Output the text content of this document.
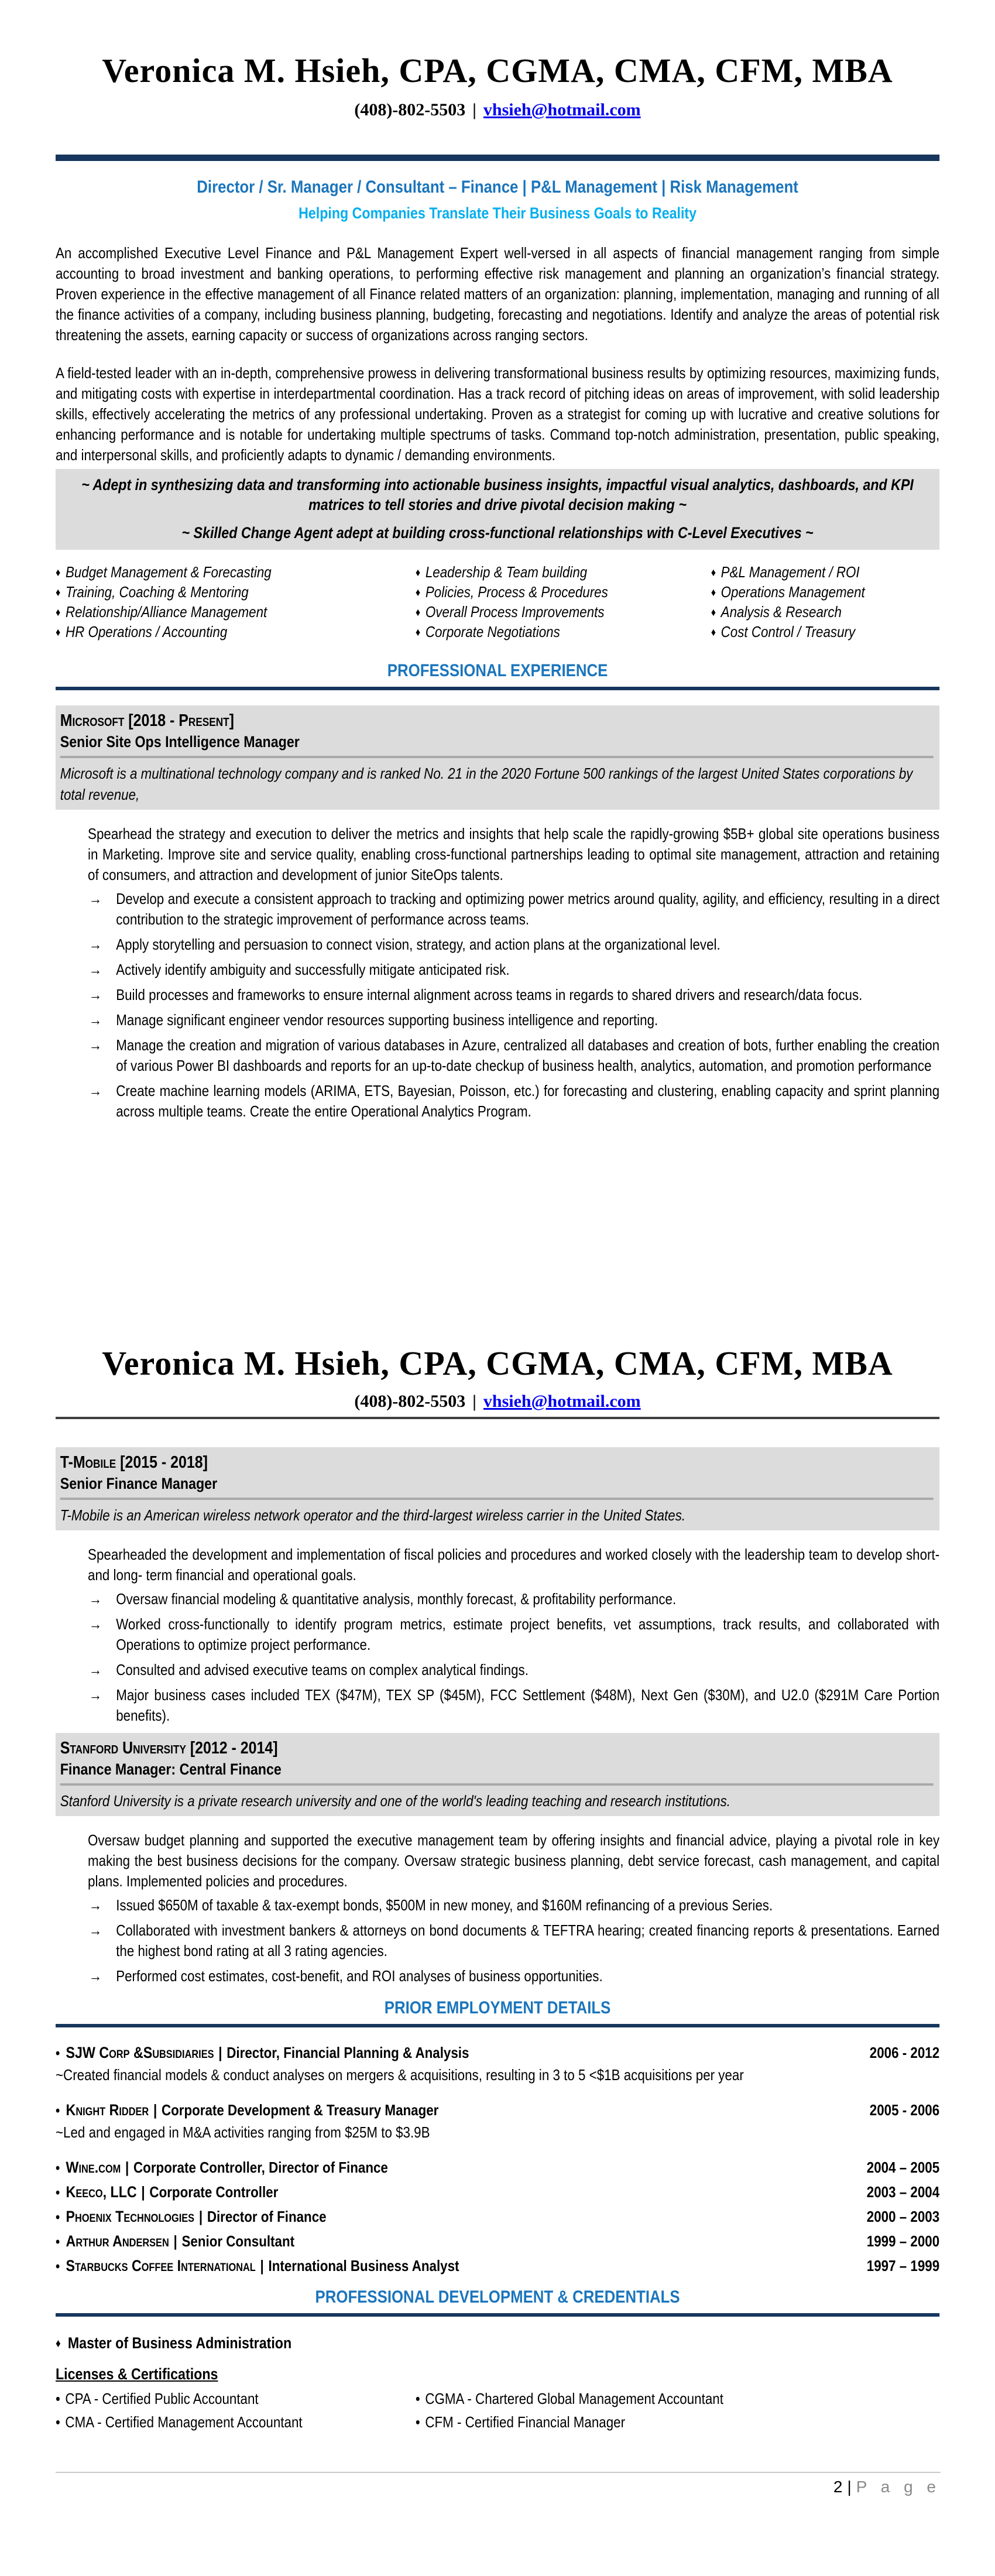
Veronica M. Hsieh, CPA, CGMA, CMA, CFM, MBA
(408)-802-5503 | vhsieh@hotmail.com
Director / Sr. Manager / Consultant – Finance | P&L Management | Risk Management
Helping Companies Translate Their Business Goals to Reality

An accomplished Executive Level Finance and P&L Management Expert well-versed in all aspects of financial management ranging from simple accounting to broad investment and banking operations, to performing effective risk management and planning an organization’s financial strategy. Proven experience in the effective management of all Finance related matters of an organization: planning, implementation, managing and running of all the finance activities of a company, including business planning, budgeting, forecasting and negotiations. Identify and analyze the areas of potential risk threatening the assets, earning capacity or success of organizations across ranging sectors.

A field-tested leader with an in-depth, comprehensive prowess in delivering transformational business results by optimizing resources, maximizing funds, and mitigating costs with expertise in interdepartmental coordination. Has a track record of pitching ideas on areas of improvement, with solid leadership skills, effectively accelerating the metrics of any professional undertaking. Proven as a strategist for coming up with lucrative and creative solutions for enhancing performance and is notable for undertaking multiple spectrums of tasks. Command top-notch administration, presentation, public speaking, and interpersonal skills, and proficiently adapts to dynamic / demanding environments.

~ Adept in synthesizing data and transforming into actionable business insights, impactful visual analytics, dashboards, and KPI matrices to tell stories and drive pivotal decision making ~
~ Skilled Change Agent adept at building cross-functional relationships with C-Level Executives ~
♦ Budget Management & Forecasting
♦ Training, Coaching & Mentoring
♦ Relationship/Alliance Management
♦ HR Operations / Accounting
♦ Leadership & Team building
♦ Policies, Process & Procedures
♦ Overall Process Improvements
♦ Corporate Negotiations
♦ P&L Management / ROI
♦ Operations Management
♦ Analysis & Research
♦ Cost Control / Treasury
PROFESSIONAL EXPERIENCE
Microsoft [2018 - Present]
Senior Site Ops Intelligence Manager
Microsoft is a multinational technology company and is ranked No. 21 in the 2020 Fortune 500 rankings of the largest United States corporations by total revenue,

Spearhead the strategy and execution to deliver the metrics and insights that help scale the rapidly-growing $5B+ global site operations business in Marketing. Improve site and service quality, enabling cross-functional partnerships leading to optimal site management, attraction and retaining of consumers, and attraction and development of junior SiteOps talents.

→ Develop and execute a consistent approach to tracking and optimizing power metrics around quality, agility, and efficiency, resulting in a direct contribution to the strategic improvement of performance across teams.
→ Apply storytelling and persuasion to connect vision, strategy, and action plans at the organizational level.
→ Actively identify ambiguity and successfully mitigate anticipated risk.
→ Build processes and frameworks to ensure internal alignment across teams in regards to shared drivers and research/data focus.
→ Manage significant engineer vendor resources supporting business intelligence and reporting.
→ Manage the creation and migration of various databases in Azure, centralized all databases and creation of bots, further enabling the creation of various Power BI dashboards and reports for an up-to-date checkup of business health, analytics, automation, and promotion performance
→ Create machine learning models (ARIMA, ETS, Bayesian, Poisson, etc.) for forecasting and clustering, enabling capacity and sprint planning across multiple teams. Create the entire Operational Analytics Program.
Veronica M. Hsieh, CPA, CGMA, CMA, CFM, MBA
(408)-802-5503 | vhsieh@hotmail.com
T-Mobile [2015 - 2018]
Senior Finance Manager
T-Mobile is an American wireless network operator and the third-largest wireless carrier in the United States.

Spearheaded the development and implementation of fiscal policies and procedures and worked closely with the leadership team to develop short- and long- term financial and operational goals.

→ Oversaw financial modeling & quantitative analysis, monthly forecast, & profitability performance.
→ Worked cross-functionally to identify program metrics, estimate project benefits, vet assumptions, track results, and collaborated with Operations to optimize project performance.
→ Consulted and advised executive teams on complex analytical findings.
→ Major business cases included TEX ($47M), TEX SP ($45M), FCC Settlement ($48M), Next Gen ($30M), and U2.0 ($291M Care Portion benefits).
Stanford University [2012 - 2014]
Finance Manager: Central Finance
Stanford University is a private research university and one of the world's leading teaching and research institutions.

Oversaw budget planning and supported the executive management team by offering insights and financial advice, playing a pivotal role in key making the best business decisions for the company. Oversaw strategic business planning, debt service forecast, cash management, and capital plans. Implemented policies and procedures.

→ Issued $650M of taxable & tax-exempt bonds, $500M in new money, and $160M refinancing of a previous Series.
→ Collaborated with investment bankers & attorneys on bond documents & TEFTRA hearing; created financing reports & presentations. Earned the highest bond rating at all 3 rating agencies.
→ Performed cost estimates, cost-benefit, and ROI analyses of business opportunities.
PRIOR EMPLOYMENT DETAILS
• SJW Corp &Subsidiaries | Director, Financial Planning & Analysis	2006 - 2012
~Created financial models & conduct analyses on mergers & acquisitions, resulting in 3 to 5 <$1B acquisitions per year
• Knight Ridder | Corporate Development & Treasury Manager	2005 - 2006
~Led and engaged in M&A activities ranging from $25M to $3.9B
• Wine.com | Corporate Controller, Director of Finance	2004 – 2005
• Keeco, LLC | Corporate Controller	2003 – 2004
• Phoenix Technologies | Director of Finance	2000 – 2003
• Arthur Andersen | Senior Consultant	1999 – 2000
• Starbucks Coffee International | International Business Analyst	1997 – 1999
PROFESSIONAL DEVELOPMENT & CREDENTIALS
♦ Master of Business Administration
Licenses & Certifications
• CPA - Certified Public Accountant	• CGMA - Chartered Global Management Accountant
• CMA - Certified Management Accountant	• CFM - Certified Financial Manager
2 | P a g e
